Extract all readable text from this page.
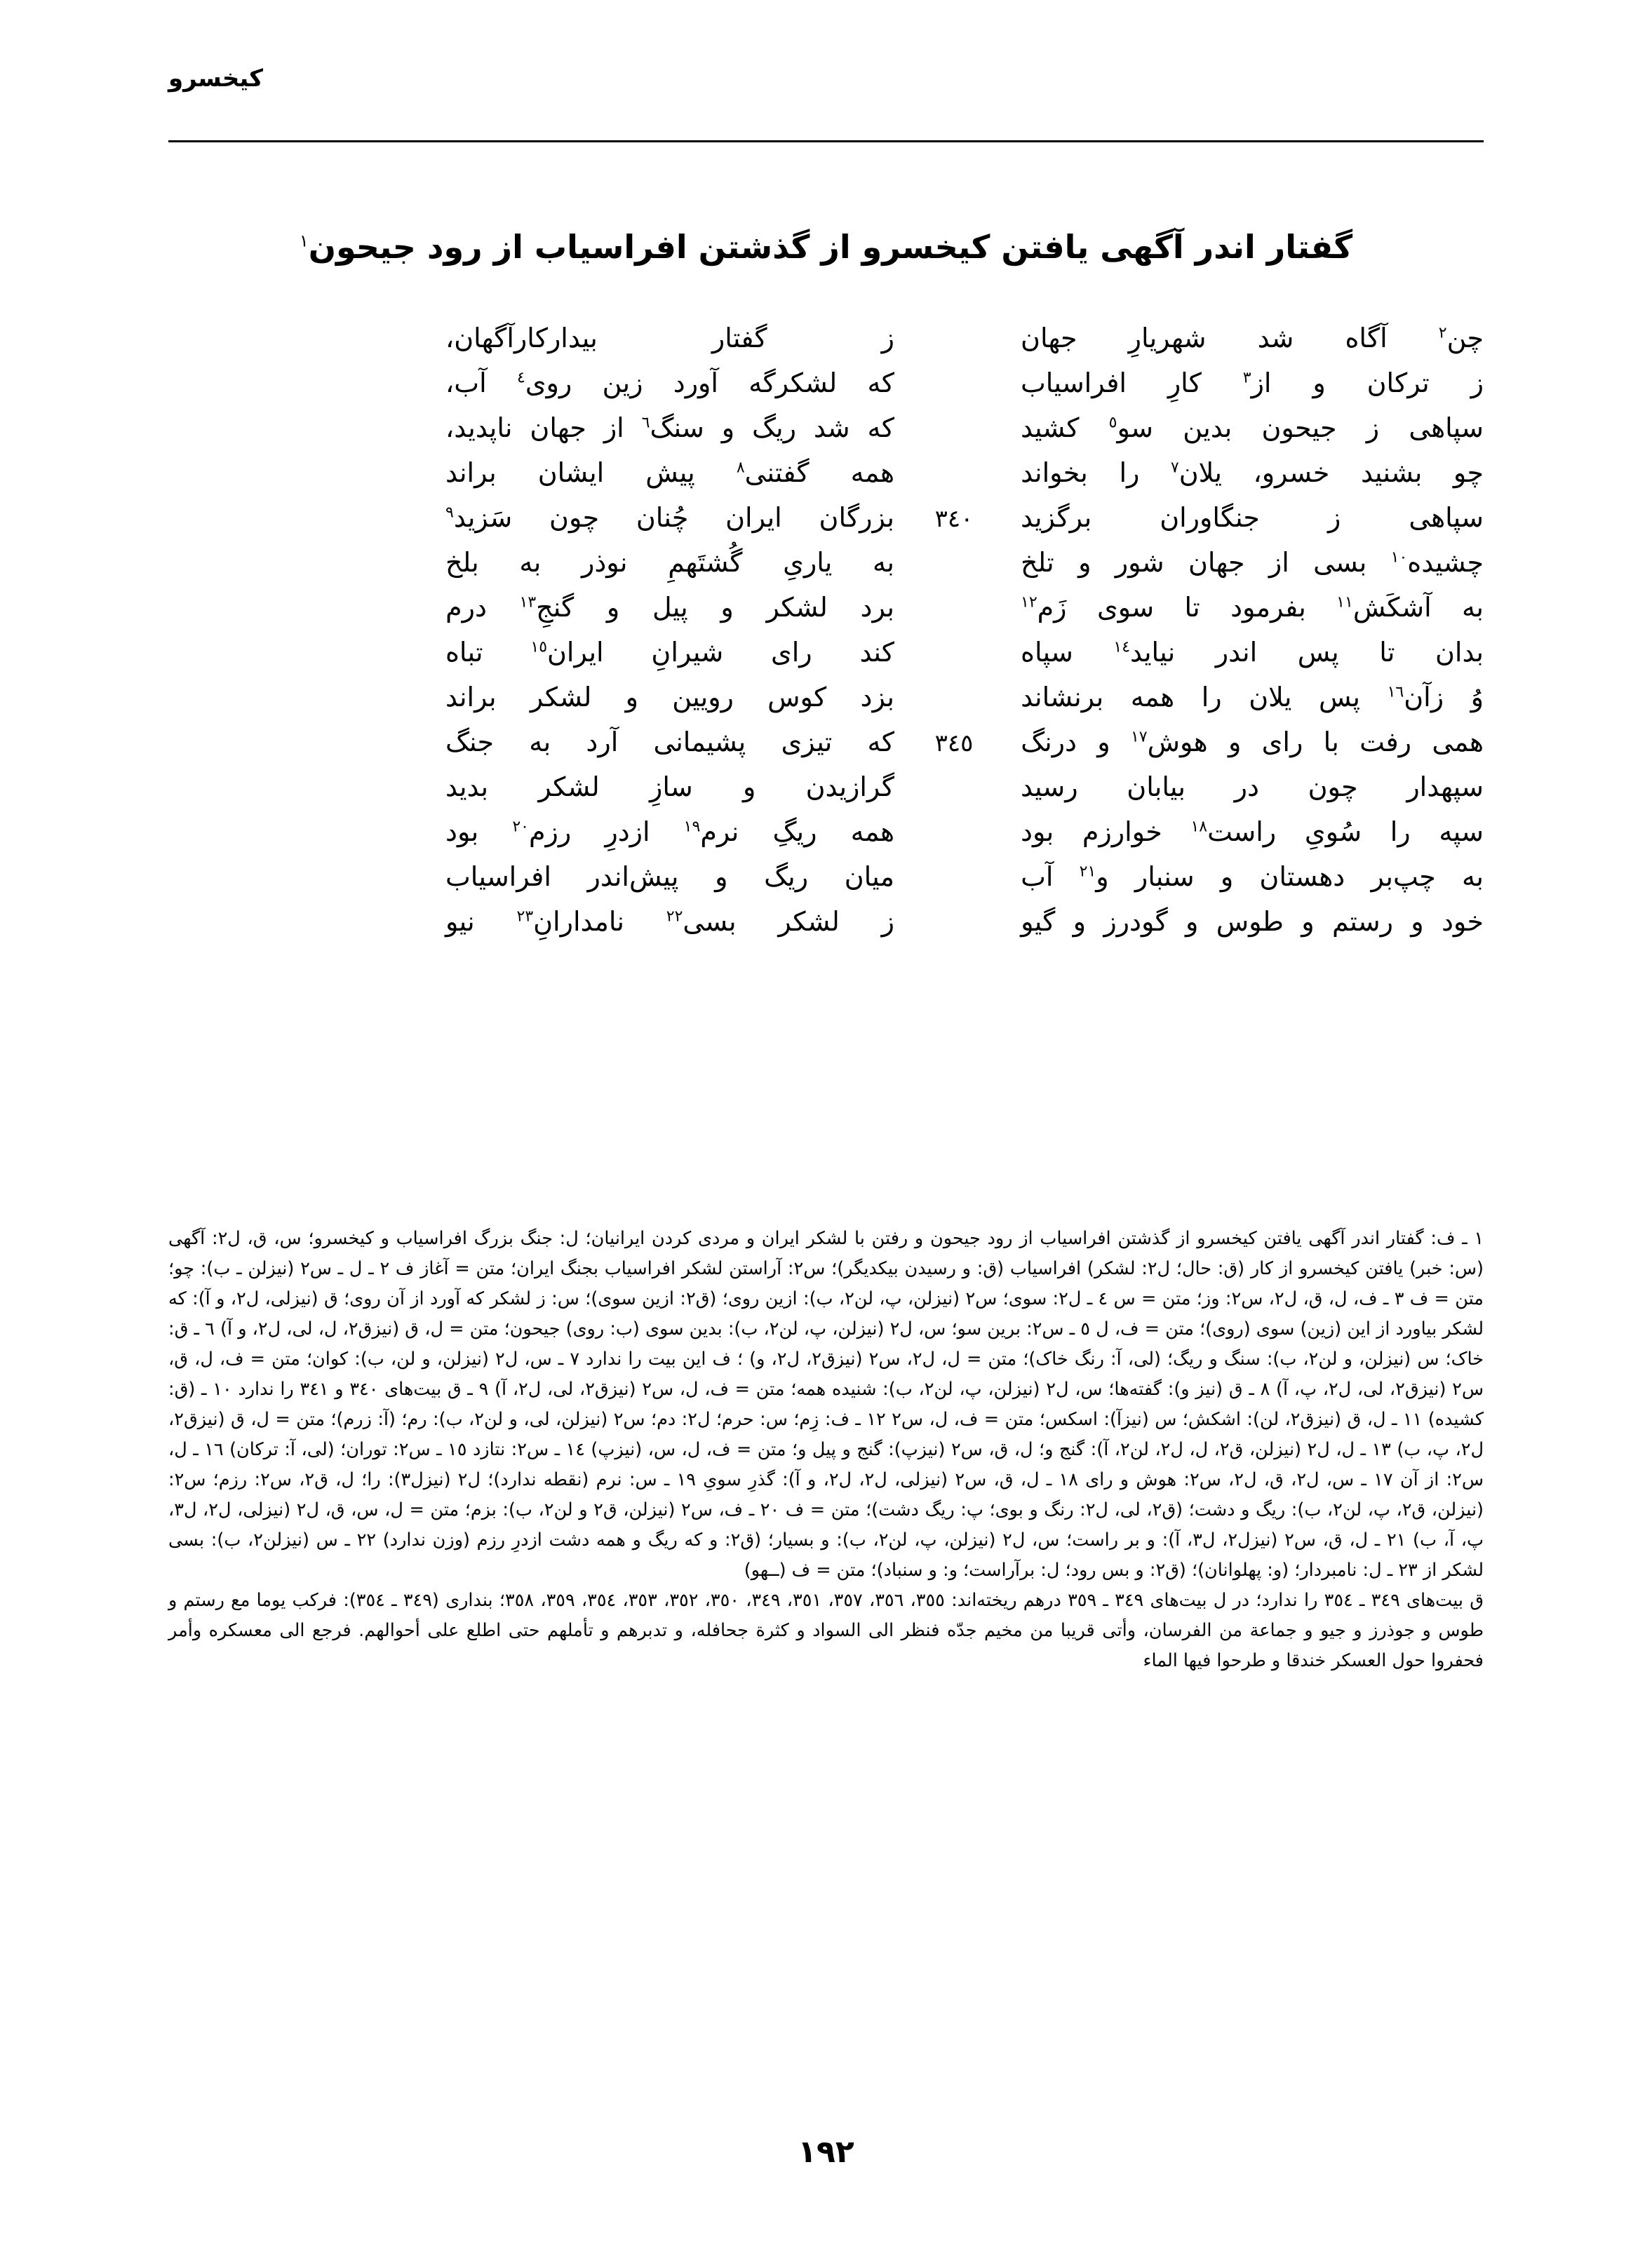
کیخسرو
گفتار اندر آگهی یافتن کیخسرو از گذشتن افراسیاب از رود جیحون$^١$
چن$^٢$
آگاه
شد
شهریارِ
جهان
ز
گفتار
بیدارکارآگهان،
ز
ترکان
و
از$^٣$
کارِ
افراسیاب
که
لشکرگه
آورد
زین
روی$^٤$
آب،
سپاهی
ز
جیحون
بدین
سو$^٥$
کشید
که
شد
ریگ
و
سنگ$^٦$
از
جهان
ناپدید،
چو
بشنید
خسرو،
یلان$^٧$
را
بخواند
همه
گفتنی$^٨$
پیش
ایشان
براند
سپاهی
ز
جنگاوران
برگزید
٣٤٠
بزرگان
ایران
چُنان
چون
سَزید$^٩$
چشیده$^{١٠}$
بسی
از
جهان
شور
و
تلخ
به
یاریِ
گُشتَهمِ
نوذر
به
بلخ
به
آشکَش$^{١١}$
بفرمود
تا
سوی
زَم$^{١٢}$
برد
لشکر
و
پیل
و
گنجِ$^{١٣}$
درم
بدان
تا
پس
اندر
نیاید$^{١٤}$
سپاه
کند
رای
شیرانِ
ایران$^{١٥}$
تباه
وُ
زآن$^{١٦}$
پس
یلان
را
همه
برنشاند
بزد
کوس
رویین
و
لشکر
براند
همی
رفت
با
رای
و
هوش$^{١٧}$
و
درنگ
٣٤٥
که
تیزی
پشیمانی
آرد
به
جنگ
سپهدار
چون
در
بیابان
رسید
گرازیدن
و
سازِ
لشکر
بدید
سپه
را
سُویِ
راست$^{١٨}$
خوارزم
بود
همه
ریگِ
نرم$^{١٩}$
ازدرِ
رزم$^{٢٠}$
بود
به
چپ‌بر
دهستان
و
سنبار
و$^{٢١}$
آب
میان
ریگ
و
پیش‌اندر
افراسیاب
خود
و
رستم
و
طوس
و
گودرز
و
گیو
ز
لشکر
بسی$^{٢٢}$
نامدارانِ$^{٢٣}$
نیو

١ ـ ف: گفتار اندر آگهی یافتن کیخسرو از گذشتن افراسیاب از رود جیحون و رفتن با لشکر ایران و مردی کردن ایرانیان؛ ل: جنگ بزرگ افراسیاب و کیخسرو؛ س، ق، ل٢: آگهی (س: خبر) یافتن کیخسرو از کار (ق: حال؛ ل٢: لشکر) افراسیاب (ق: و رسیدن بیکدیگر)؛ س٢: آراستن لشکر افراسیاب بجنگ ایران؛ متن = آغاز ف ٢ ـ ل ـ س٢ (نیزلن ـ ب): چو؛ متن = ف ٣ ـ ف، ل، ق، ل٢، س٢: وز؛ متن = س ٤ ـ ل٢: سوی؛ س٢ (نیزلن، پ، لن٢، ب): ازین روی؛ (ق٢: ازین سوی)؛ س: ز لشکر که آورد از آن روی؛ ق (نیزلی، ل٢، و آ): که لشکر بیاورد از این (زین) سوی (روی)؛ متن = ف، ل ٥ ـ س٢: برین سو؛ س، ل٢ (نیزلن، پ، لن٢، ب): بدین سوی (ب: روی) جیحون؛ متن = ل، ق (نیزق٢، ل، لی، ل٢، و آ) ٦ ـ ق: خاک؛ س (نیزلن، و لن٢، ب): سنگ و ریگ؛ (لی، آ: رنگ خاک)؛ متن = ل، ل٢، س٢ (نیزق٢، ل٢، و) ؛ ف این بیت را ندارد ٧ ـ س، ل٢ (نیزلن، و لن، ب): کوان؛ متن = ف، ل، ق، س٢ (نیزق٢، لی، ل٢، پ، آ) ٨ ـ ق (نیز و): گفته‌ها؛ س، ل٢ (نیزلن، پ، لن٢، ب): شنیده همه؛ متن = ف، ل، س٢ (نیزق٢، لی، ل٢، آ) ٩ ـ ق بیت‌های ٣٤٠ و ٣٤١ را ندارد ١٠ ـ (ق: کشیده) ١١ ـ ل، ق (نیزق٢، لن): اشکش؛ س (نیزآ): اسکس؛ متن = ف، ل، س٢ ١٢ ـ ف: زِم؛ س: حرم؛ ل٢: دم؛ س٢ (نیزلن، لی، و لن٢، ب): رم؛ (آ: زرم)؛ متن = ل، ق (نیزق٢، ل٢، پ، ب) ١٣ ـ ل، ل٢ (نیزلن، ق٢، ل، ل٢، لن٢، آ): گنج و؛ ل، ق، س٢ (نیزپ): گنج و پیل و؛ متن = ف، ل، س، (نیزپ) ١٤ ـ س٢: نتازد ١٥ ـ س٢: توران؛ (لی، آ: ترکان) ١٦ ـ ل، س٢: از آن ١٧ ـ س، ل٢، ق، ل٢، س٢: هوش و رای ١٨ ـ ل، ق، س٢ (نیزلی، ل٢، ل٢، و آ): گذرِ سویِ ١٩ ـ س: نرم (نقطه ندارد)؛ ل٢ (نیزل٣): را؛ ل، ق٢، س٢: رزم؛ س٢: (نیزلن، ق٢، پ، لن٢، ب): ریگ و دشت؛ (ق٢، لی، ل٢: رنگ و بوی؛ پ: ریگ دشت)؛ متن = ف ٢٠ ـ ف، س٢ (نیزلن، ق٢ و لن٢، ب): بزم؛ متن = ل، س، ق، ل٢ (نیزلی، ل٢، ل٣، پ، آ، ب) ٢١ ـ ل، ق، س٢ (نیزل٢، ل٣، آ): و بر راست؛ س، ل٢ (نیزلن، پ، لن٢، ب): و بسیار؛ (ق٢: و که ریگ و همه دشت ازدرِ رزم (وزن ندارد) ٢٢ ـ س (نیزلن٢، ب): بسی لشکر از ٢٣ ـ ل: نامبردار؛ (و: پهلوانان)؛ (ق٢: و بس رود؛ ل: برآراست؛ و: و سنباد)؛ متن = ف (ــهو)

ق بیت‌های ٣٤٩ ـ ٣٥٤ را ندارد؛ در ل بیت‌های ٣٤٩ ـ ٣٥٩ درهم ریخته‌اند: ٣٥٥، ٣٥٦، ٣٥٧، ٣٥١، ٣٤٩، ٣٥٠، ٣٥٢، ٣٥٣، ٣٥٤، ٣٥٩، ٣٥٨؛ بنداری (٣٤٩ ـ ٣٥٤): فرکب یوما مع رستم و طوس و جوذرز و جیو و جماعة من الفرسان، وأتی قریبا من مخیم جدّه فنظر الی السواد و کثرة جحافله، و تدبرهم و تأملهم حتی اطلع علی أحوالهم. فرجع الی معسکره وأمر فحفروا حول العسکر خندقا و طرحوا فیها الماء

١٩٢
